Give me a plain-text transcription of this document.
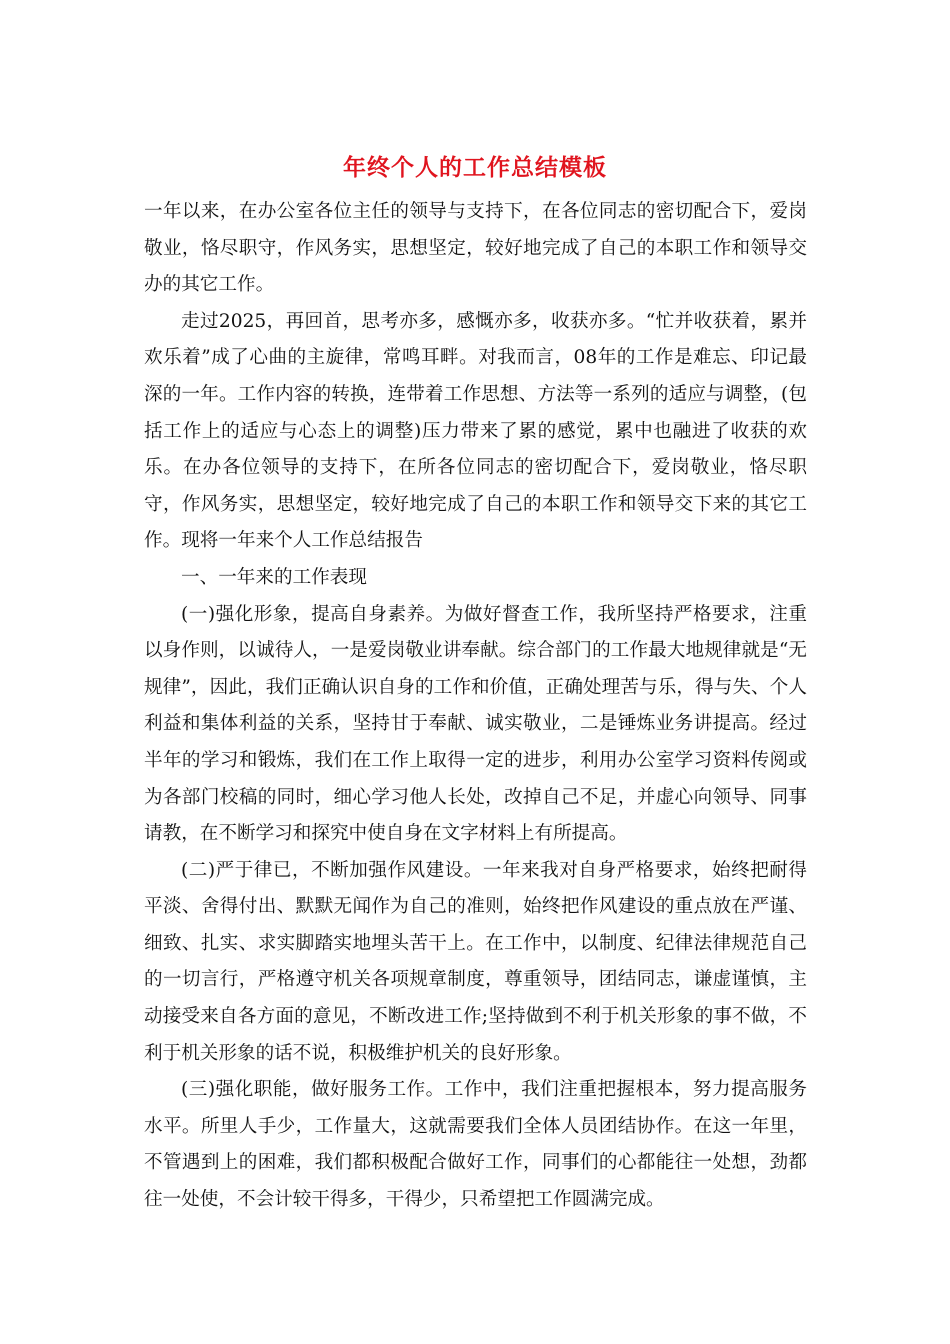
年终个人的工作总结模板

一年以来，在办公室各位主任的领导与支持下，在各位同志的密切配合下，爱岗敬业，恪尽职守，作风务实，思想坚定，较好地完成了自己的本职工作和领导交办的其它工作。

走过2025，再回首，思考亦多，感慨亦多，收获亦多。“忙并收获着，累并欢乐着”成了心曲的主旋律，常鸣耳畔。对我而言，08年的工作是难忘、印记最深的一年。工作内容的转换，连带着工作思想、方法等一系列的适应与调整，(包括工作上的适应与心态上的调整)压力带来了累的感觉，累中也融进了收获的欢乐。在办各位领导的支持下，在所各位同志的密切配合下，爱岗敬业，恪尽职守，作风务实，思想坚定，较好地完成了自己的本职工作和领导交下来的其它工作。现将一年来个人工作总结报告

一、一年来的工作表现

(一)强化形象，提高自身素养。为做好督查工作，我所坚持严格要求，注重以身作则，以诚待人，一是爱岗敬业讲奉献。综合部门的工作最大地规律就是“无规律”，因此，我们正确认识自身的工作和价值，正确处理苦与乐，得与失、个人利益和集体利益的关系，坚持甘于奉献、诚实敬业，二是锤炼业务讲提高。经过半年的学习和锻炼，我们在工作上取得一定的进步，利用办公室学习资料传阅或为各部门校稿的同时，细心学习他人长处，改掉自己不足，并虚心向领导、同事请教，在不断学习和探究中使自身在文字材料上有所提高。

(二)严于律已，不断加强作风建设。一年来我对自身严格要求，始终把耐得平淡、舍得付出、默默无闻作为自己的准则，始终把作风建设的重点放在严谨、细致、扎实、求实脚踏实地埋头苦干上。在工作中，以制度、纪律法律规范自己的一切言行，严格遵守机关各项规章制度，尊重领导，团结同志，谦虚谨慎，主动接受来自各方面的意见，不断改进工作;坚持做到不利于机关形象的事不做，不利于机关形象的话不说，积极维护机关的良好形象。

(三)强化职能，做好服务工作。工作中，我们注重把握根本，努力提高服务水平。所里人手少，工作量大，这就需要我们全体人员团结协作。在这一年里，不管遇到上的困难，我们都积极配合做好工作，同事们的心都能往一处想，劲都往一处使，不会计较干得多，干得少，只希望把工作圆满完成。
